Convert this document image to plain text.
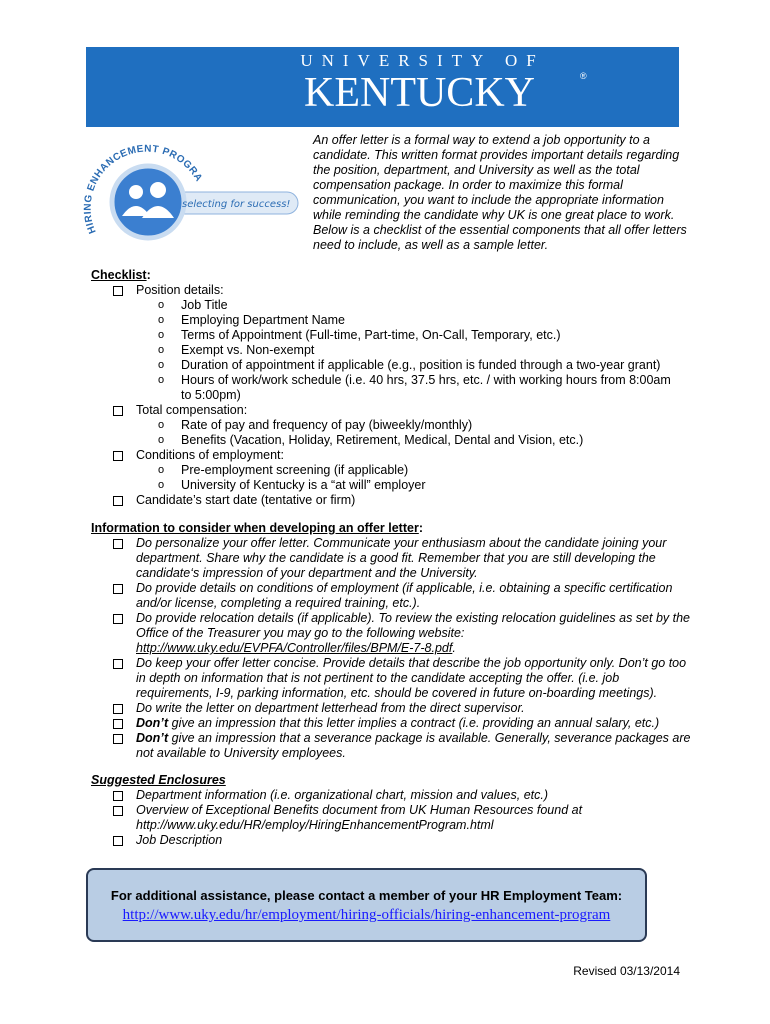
UNIVERSITY OF
KENTUCKY	®
HIRING ENHANCEMENT PROGRA
selecting for success!
An offer letter is a formal way to extend a job opportunity to a candidate. This written format provides important details regarding the position, department, and University as well as the total compensation package. In order to maximize this formal communication, you want to include the appropriate information while reminding the candidate why UK is one great place to work. Below is a checklist of the essential components that all offer letters need to include, as well as a sample letter.
Checklist:
Position details:
o Job Title
o Employing Department Name
o Terms of Appointment (Full-time, Part-time, On-Call, Temporary, etc.)
o Exempt vs. Non-exempt
o Duration of appointment if applicable (e.g., position is funded through a two-year grant)
o Hours of work/work schedule (i.e. 40 hrs, 37.5 hrs, etc. / with working hours from 8:00am
to 5:00pm)
Total compensation:
o Rate of pay and frequency of pay (biweekly/monthly)
o Benefits (Vacation, Holiday, Retirement, Medical, Dental and Vision, etc.)
Conditions of employment:
o Pre-employment screening (if applicable)
o University of Kentucky is a “at will” employer
Candidate’s start date (tentative or firm)
Information to consider when developing an offer letter:
Do personalize your offer letter. Communicate your enthusiasm about the candidate joining your department. Share why the candidate is a good fit. Remember that you are still developing the candidate‘s impression of your department and the University.
Do provide details on conditions of employment (if applicable, i.e. obtaining a specific certification and/or license, completing a required training, etc.).
Do provide relocation details (if applicable). To review the existing relocation guidelines as set by the Office of the Treasurer you may go to the following website:
http://www.uky.edu/EVPFA/Controller/files/BPM/E-7-8.pdf.
Do keep your offer letter concise. Provide details that describe the job opportunity only. Don’t go too in depth on information that is not pertinent to the candidate accepting the offer. (i.e. job requirements, I-9, parking information, etc. should be covered in future on-boarding meetings).
Do write the letter on department letterhead from the direct supervisor.
Don’t give an impression that this letter implies a contract (i.e. providing an annual salary, etc.)
Don’t give an impression that a severance package is available. Generally, severance packages are not available to University employees.
Suggested Enclosures
Department information (i.e. organizational chart, mission and values, etc.)
Overview of Exceptional Benefits document from UK Human Resources found at http://www.uky.edu/HR/employ/HiringEnhancementProgram.html
Job Description
For additional assistance, please contact a member of your HR Employment Team:
http://www.uky.edu/hr/employment/hiring-officials/hiring-enhancement-program
Revised 03/13/2014
